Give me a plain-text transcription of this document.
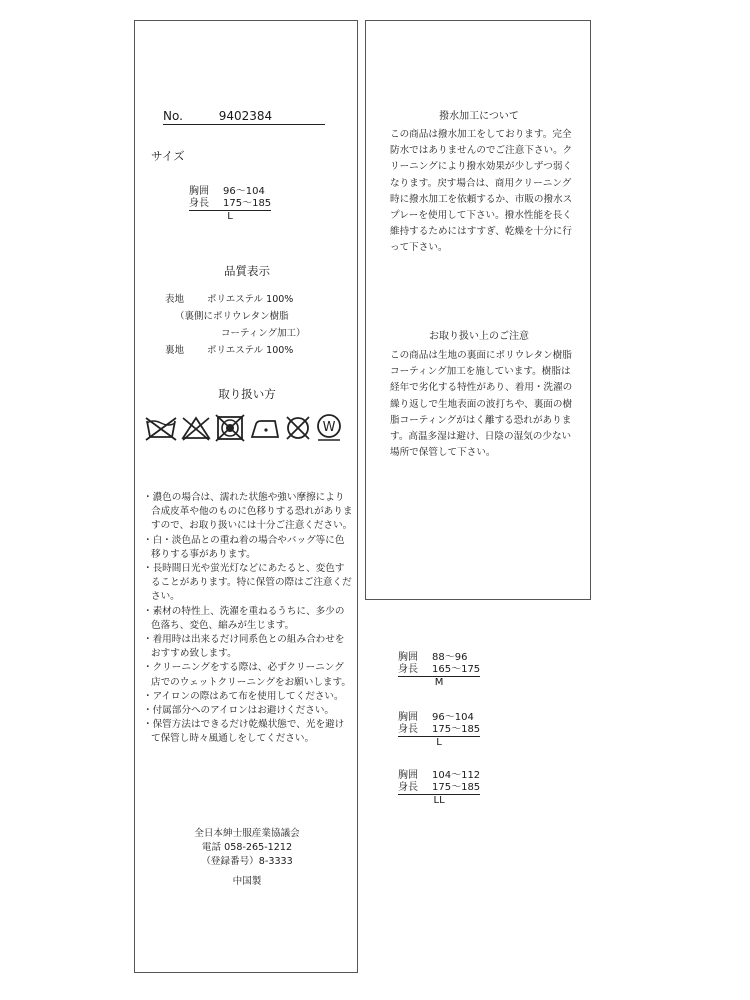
No.	9402384
サイズ
胸囲 96～104
身長 175～185
L
品質表示
表地 ポリエステル 100%
（裏側にポリウレタン樹脂
コーティング加工）
裏地 ポリエステル 100%
取り扱い方
W
・濃色の場合は、濡れた状態や強い摩擦により合成皮革や他のものに色移りする恐れがありますので、お取り扱いには十分ご注意ください。
・白・淡色品との重ね着の場合やバッグ等に色移りする事があります。
・長時間日光や蛍光灯などにあたると、変色することがあります。特に保管の際はご注意ください。
・素材の特性上、洗濯を重ねるうちに、多少の色落ち、変色、縮みが生じます。
・着用時は出来るだけ同系色との組み合わせをおすすめ致します。
・クリーニングをする際は、必ずクリーニング店でのウェットクリーニングをお願いします。
・アイロンの際はあて布を使用してください。
・付属部分へのアイロンはお避けください。
・保管方法はできるだけ乾燥状態で、光を避けて保管し時々風通しをしてください。
全日本紳士服産業協議会
電話 058-265-1212
（登録番号）8-3333
中国製
撥水加工について
この商品は撥水加工をしております。完全防水ではありませんのでご注意下さい。クリーニングにより撥水効果が少しずつ弱くなります。戻す場合は、商用クリーニング時に撥水加工を依頼するか、市販の撥水スプレーを使用して下さい。撥水性能を長く維持するためにはすすぎ、乾燥を十分に行って下さい。
お取り扱い上のご注意
この商品は生地の裏面にポリウレタン樹脂コーティング加工を施しています。樹脂は経年で劣化する特性があり、着用・洗濯の繰り返しで生地表面の波打ちや、裏面の樹脂コーティングがはく離する恐れがあります。高温多湿は避け、日陰の湿気の少ない場所で保管して下さい。
胸囲 88～96
身長 165～175
M
胸囲 96～104
身長 175～185
L
胸囲 104～112
身長 175～185
LL
